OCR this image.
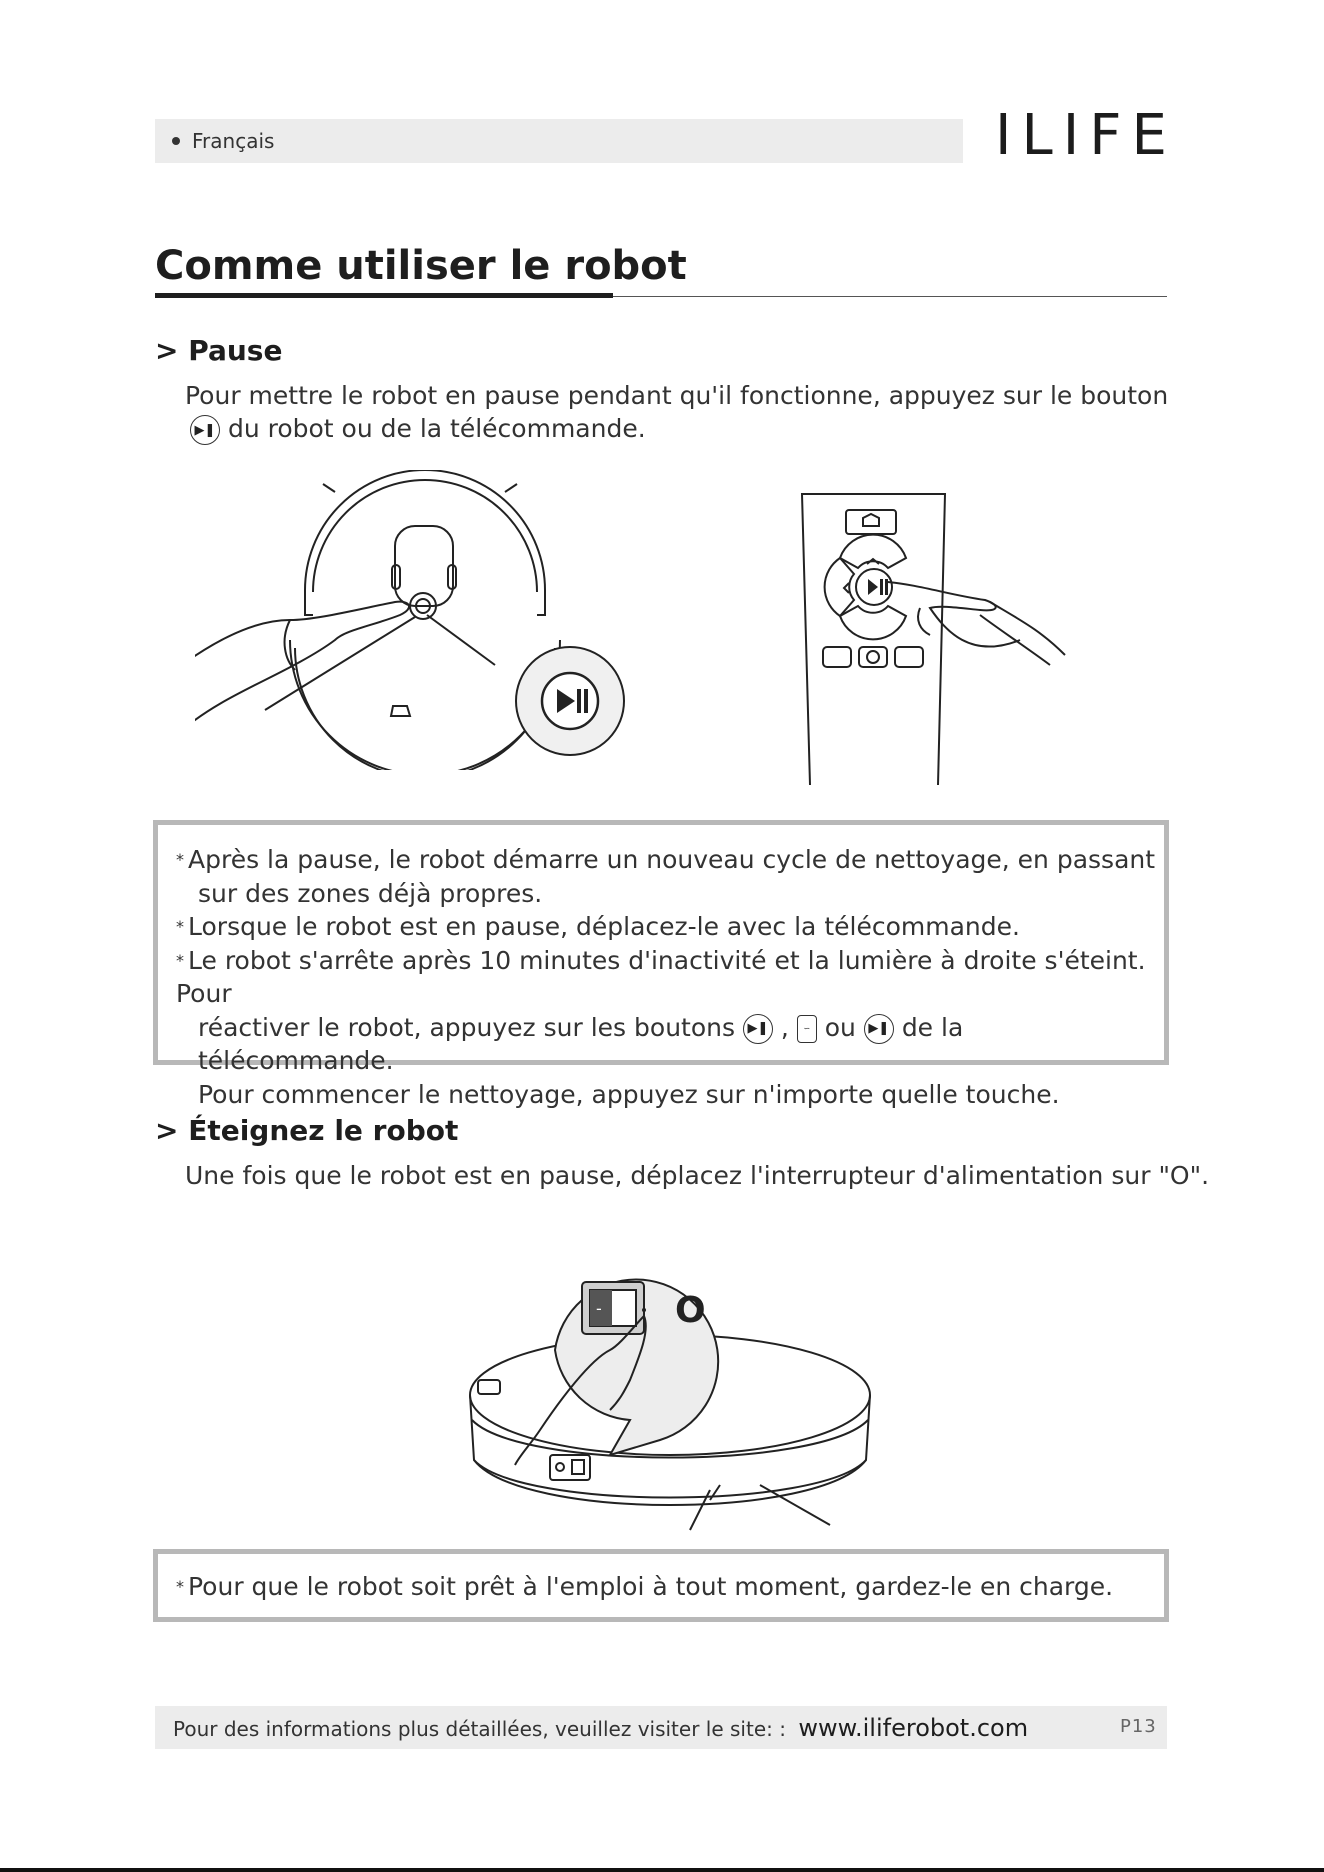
Français	ILIFE
Comme utiliser le robot
> Pause
Pour mettre le robot en pause pendant qu'il fonctionne, appuyez sur le bouton
▶❚ du robot ou de la télécommande.
* Après la pause, le robot démarre un nouveau cycle de nettoyage, en passant
sur des zones déjà propres.
* Lorsque le robot est en pause, déplacez-le avec la télécommande.
* Le robot s'arrête après 10 minutes d'inactivité et la lumière à droite s'éteint. Pour
réactiver le robot, appuyez sur les boutons ▶❚ , ∽ ou ▶❚ de la télécommande.
Pour commencer le nettoyage, appuyez sur n'importe quelle touche.
> Éteignez le robot
Une fois que le robot est en pause, déplacez l'interrupteur d'alimentation sur "O".
- O
* Pour que le robot soit prêt à l'emploi à tout moment, gardez-le en charge.
Pour des informations plus détaillées, veuillez visiter le site: : www.iliferobot.com	P13
